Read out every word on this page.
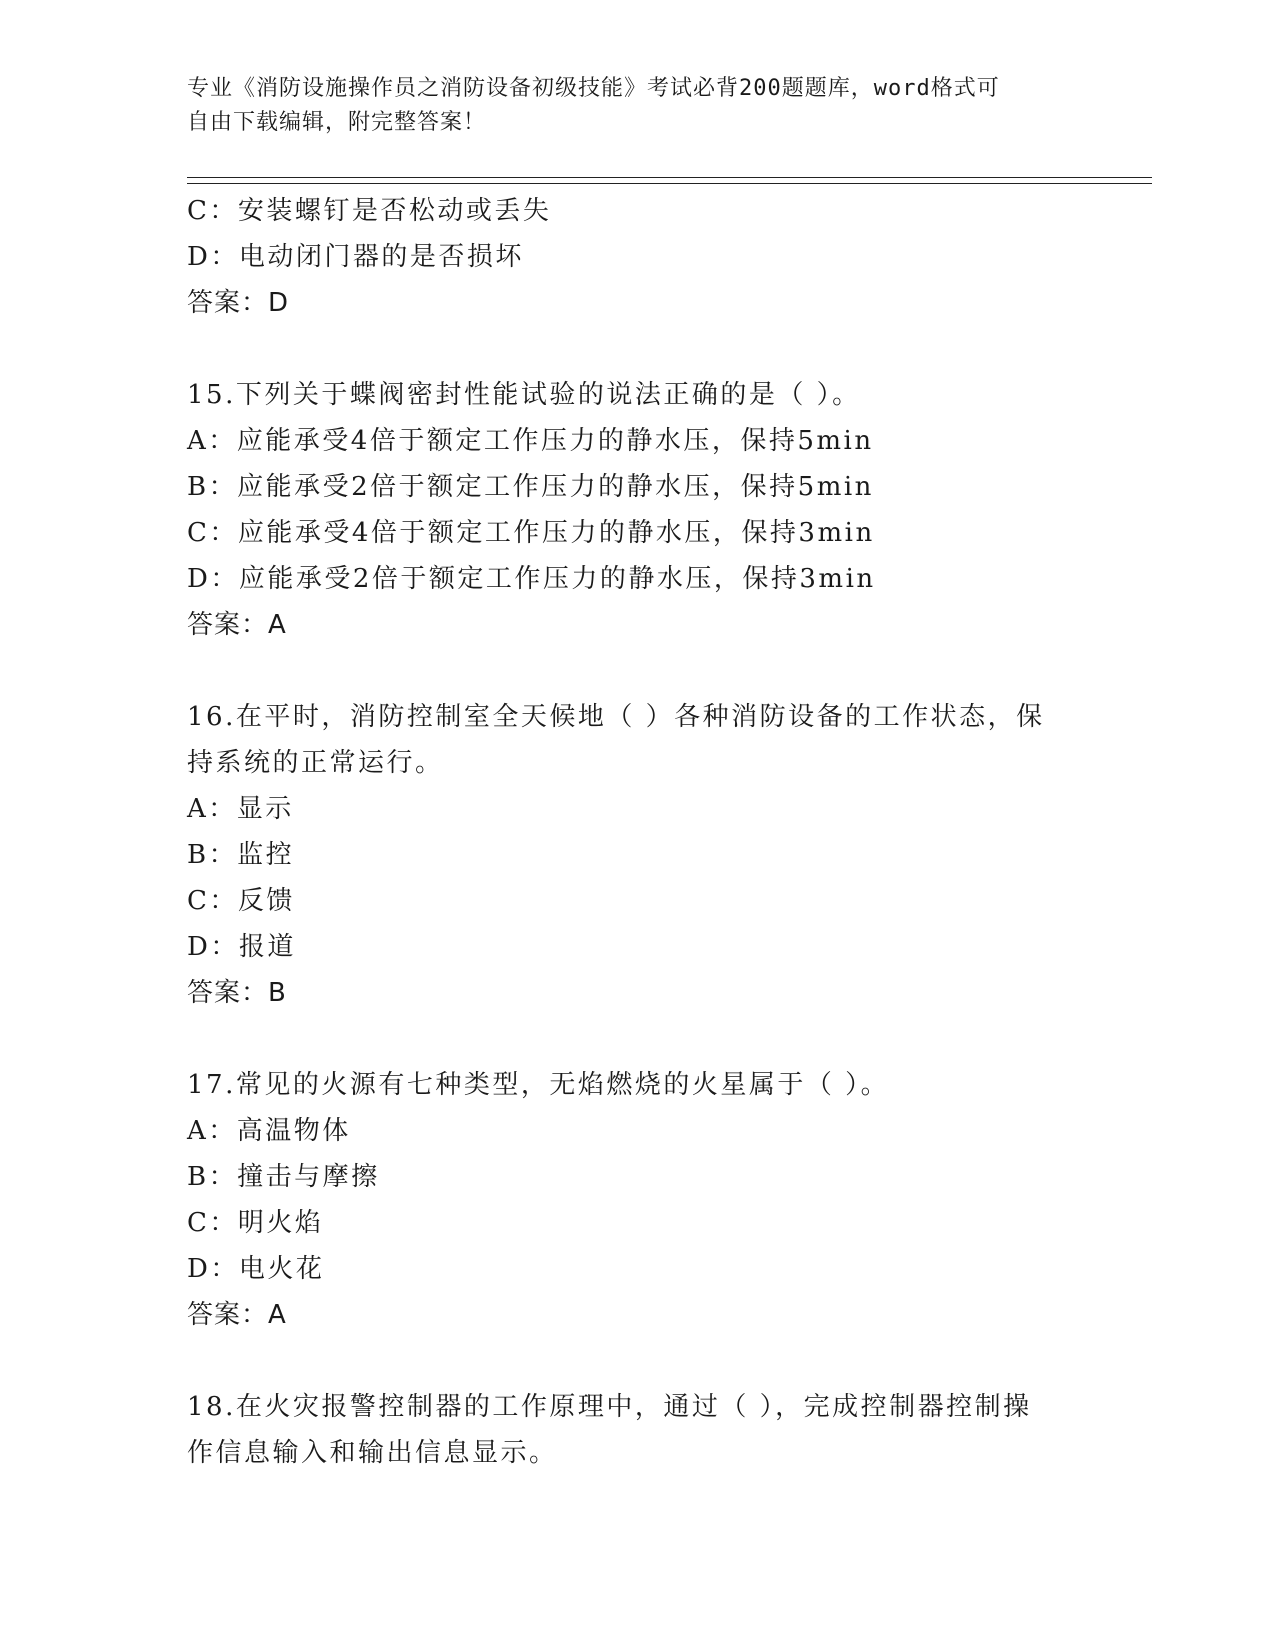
专业《消防设施操作员之消防设备初级技能》考试必背200题题库，word格式可

自由下载编辑，附完整答案！

C：安装螺钉是否松动或丢失
D：电动闭门器的是否损坏
答案：D
15.下列关于蝶阀密封性能试验的说法正确的是（ ）。
A：应能承受4倍于额定工作压力的静水压，保持5min
B：应能承受2倍于额定工作压力的静水压，保持5min
C：应能承受4倍于额定工作压力的静水压，保持3min
D：应能承受2倍于额定工作压力的静水压，保持3min
答案：A
16.在平时，消防控制室全天候地（ ）各种消防设备的工作状态，保
持系统的正常运行。
A：显示
B：监控
C：反馈
D：报道
答案：B
17.常见的火源有七种类型，无焰燃烧的火星属于（ ）。
A：高温物体
B：撞击与摩擦
C：明火焰
D：电火花
答案：A
18.在火灾报警控制器的工作原理中，通过（ ），完成控制器控制操
作信息输入和输出信息显示。
